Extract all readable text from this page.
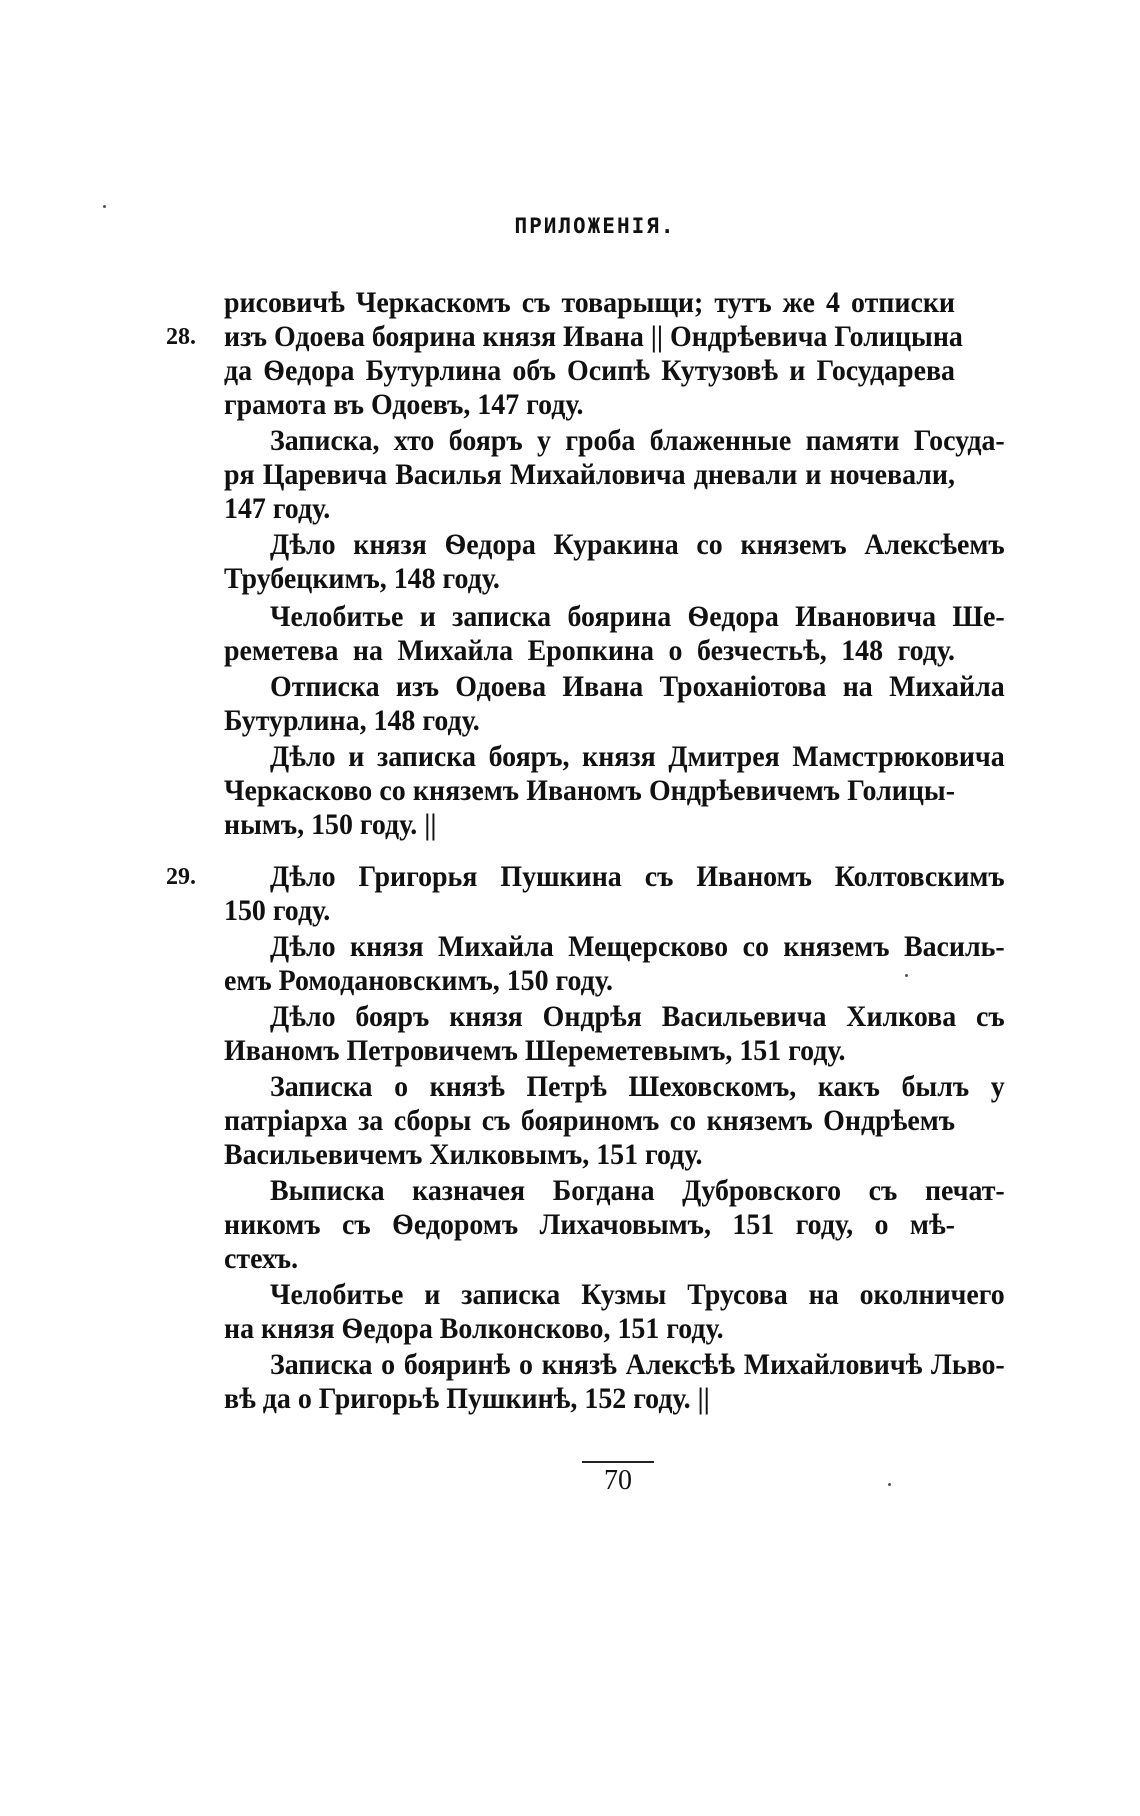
ПРИЛОЖЕНІЯ.
28.
29.
рисовичѣ Черкаскомъ съ товарыщи; тутъ же 4 отписки
изъ Одоева боярина князя Ивана || Ондрѣевича Голицына
да Ѳедора Бутурлина объ Осипѣ Кутузовѣ и Государева
грамота въ Одоевъ, 147 году.
Записка, хто бояръ у гроба блаженные памяти Госуда-
ря Царевича Василья Михайловича дневали и ночевали,
147 году.
Дѣло князя Ѳедора Куракина со княземъ Алексѣемъ
Трубецкимъ, 148 году.
Челобитье и записка боярина Ѳедора Ивановича Ше-
реметева на Михайла Еропкина о безчестьѣ, 148 году.
Отписка изъ Одоева Ивана Троханіотова на Михайла
Бутурлина, 148 году.
Дѣло и записка бояръ, князя Дмитрея Мамстрюковича
Черкасково со княземъ Иваномъ Ондрѣевичемъ Голицы-
нымъ, 150 году. ||
Дѣло Григорья Пушкина съ Иваномъ Колтовскимъ
150 году.
Дѣло князя Михайла Мещерсково со княземъ Василь-
емъ Ромодановскимъ, 150 году.
Дѣло бояръ князя Ондрѣя Васильевича Хилкова съ
Иваномъ Петровичемъ Шереметевымъ, 151 году.
Записка о князѣ Петрѣ Шеховскомъ, какъ былъ у
патріарха за сборы съ бояриномъ со княземъ Ондрѣемъ
Васильевичемъ Хилковымъ, 151 году.
Выписка казначея Богдана Дубровского съ печат-
никомъ съ Ѳедоромъ Лихачовымъ, 151 году, о мѣ-
стехъ.
Челобитье и записка Кузмы Трусова на околничего
на князя Ѳедора Волконсково, 151 году.
Записка о бояринѣ о князѣ Алексѣѣ Михайловичѣ Льво-
вѣ да о Григорьѣ Пушкинѣ, 152 году. ||
70
